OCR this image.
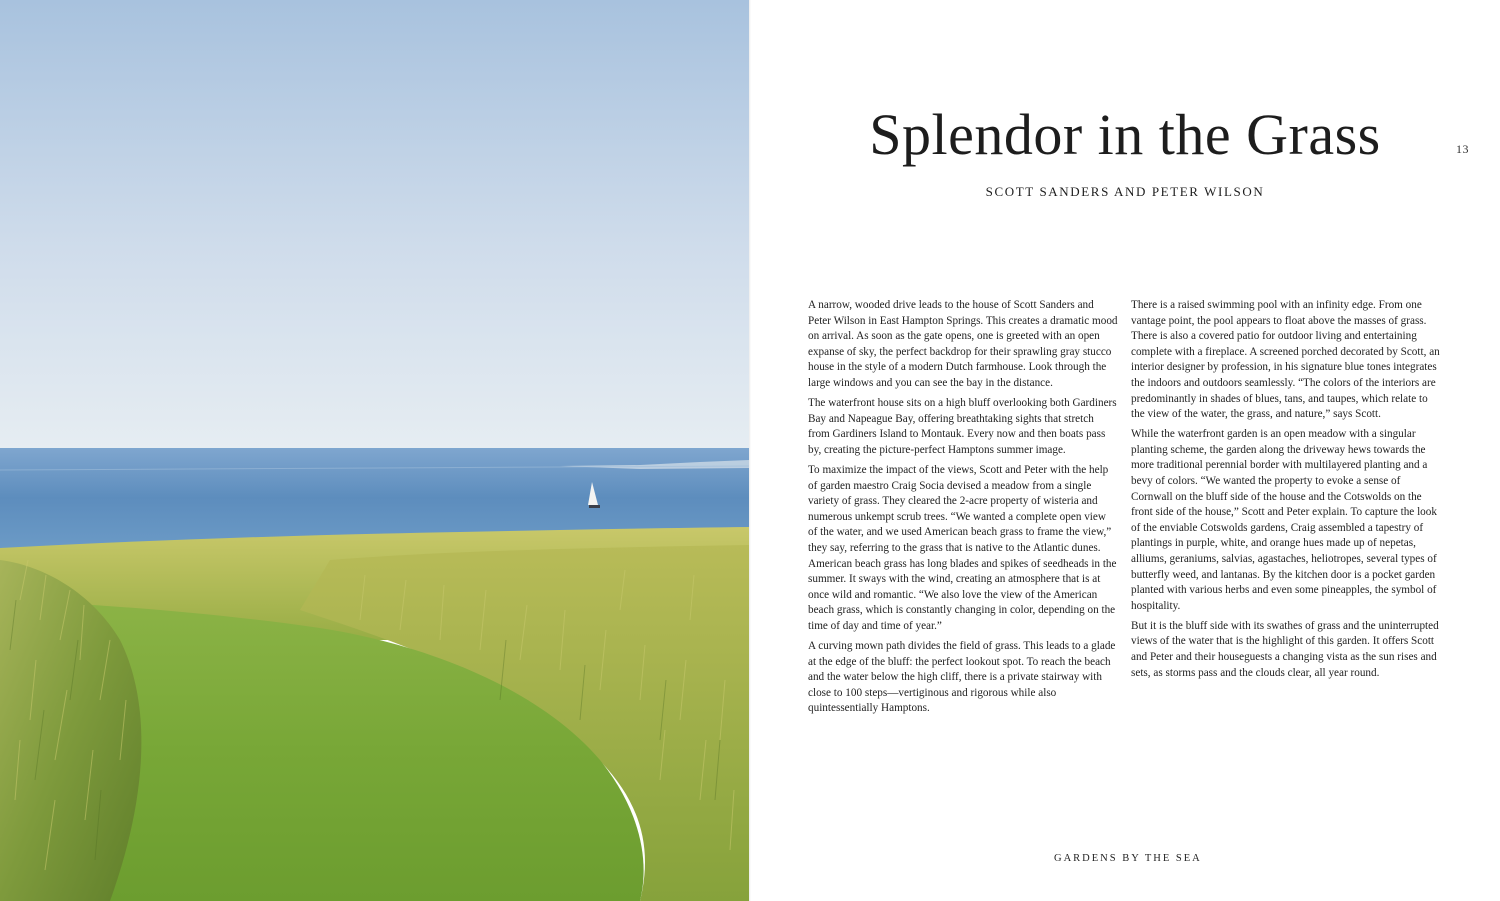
Splendor in the Grass	13
SCOTT SANDERS AND PETER WILSON

A narrow, wooded drive leads to the house of Scott Sanders and Peter Wilson in East Hampton Springs. This creates a dramatic mood on arrival. As soon as the gate opens, one is greeted with an open expanse of sky, the perfect backdrop for their sprawling gray stucco house in the style of a modern Dutch farmhouse. Look through the large windows and you can see the bay in the distance.

The waterfront house sits on a high bluff overlooking both Gardiners Bay and Napeague Bay, offering breathtaking sights that stretch from Gardiners Island to Montauk. Every now and then boats pass by, creating the picture-perfect Hamptons summer image.

To maximize the impact of the views, Scott and Peter with the help of garden maestro Craig Socia devised a meadow from a single variety of grass. They cleared the 2-acre property of wisteria and numerous unkempt scrub trees. “We wanted a complete open view of the water, and we used American beach grass to frame the view,” they say, referring to the grass that is native to the Atlantic dunes. American beach grass has long blades and spikes of seedheads in the summer. It sways with the wind, creating an atmosphere that is at once wild and romantic. “We also love the view of the American beach grass, which is constantly changing in color, depending on the time of day and time of year.”

A curving mown path divides the field of grass. This leads to a glade at the edge of the bluff: the perfect lookout spot. To reach the beach and the water below the high cliff, there is a private stairway with close to 100 steps—vertiginous and rigorous while also quintessentially Hamptons.

There is a raised swimming pool with an infinity edge. From one vantage point, the pool appears to float above the masses of grass. There is also a covered patio for outdoor living and entertaining complete with a fireplace. A screened porched decorated by Scott, an interior designer by profession, in his signature blue tones integrates the indoors and outdoors seamlessly. “The colors of the interiors are predominantly in shades of blues, tans, and taupes, which relate to the view of the water, the grass, and nature,” says Scott.

While the waterfront garden is an open meadow with a singular planting scheme, the garden along the driveway hews towards the more traditional perennial border with multilayered planting and a bevy of colors. “We wanted the property to evoke a sense of Cornwall on the bluff side of the house and the Cotswolds on the front side of the house,” Scott and Peter explain. To capture the look of the enviable Cotswolds gardens, Craig assembled a tapestry of plantings in purple, white, and orange hues made up of nepetas, alliums, geraniums, salvias, agastaches, heliotropes, several types of butterfly weed, and lantanas. By the kitchen door is a pocket garden planted with various herbs and even some pineapples, the symbol of hospitality.

But it is the bluff side with its swathes of grass and the uninterrupted views of the water that is the highlight of this garden. It offers Scott and Peter and their houseguests a changing vista as the sun rises and sets, as storms pass and the clouds clear, all year round.

GARDENS BY THE SEA
